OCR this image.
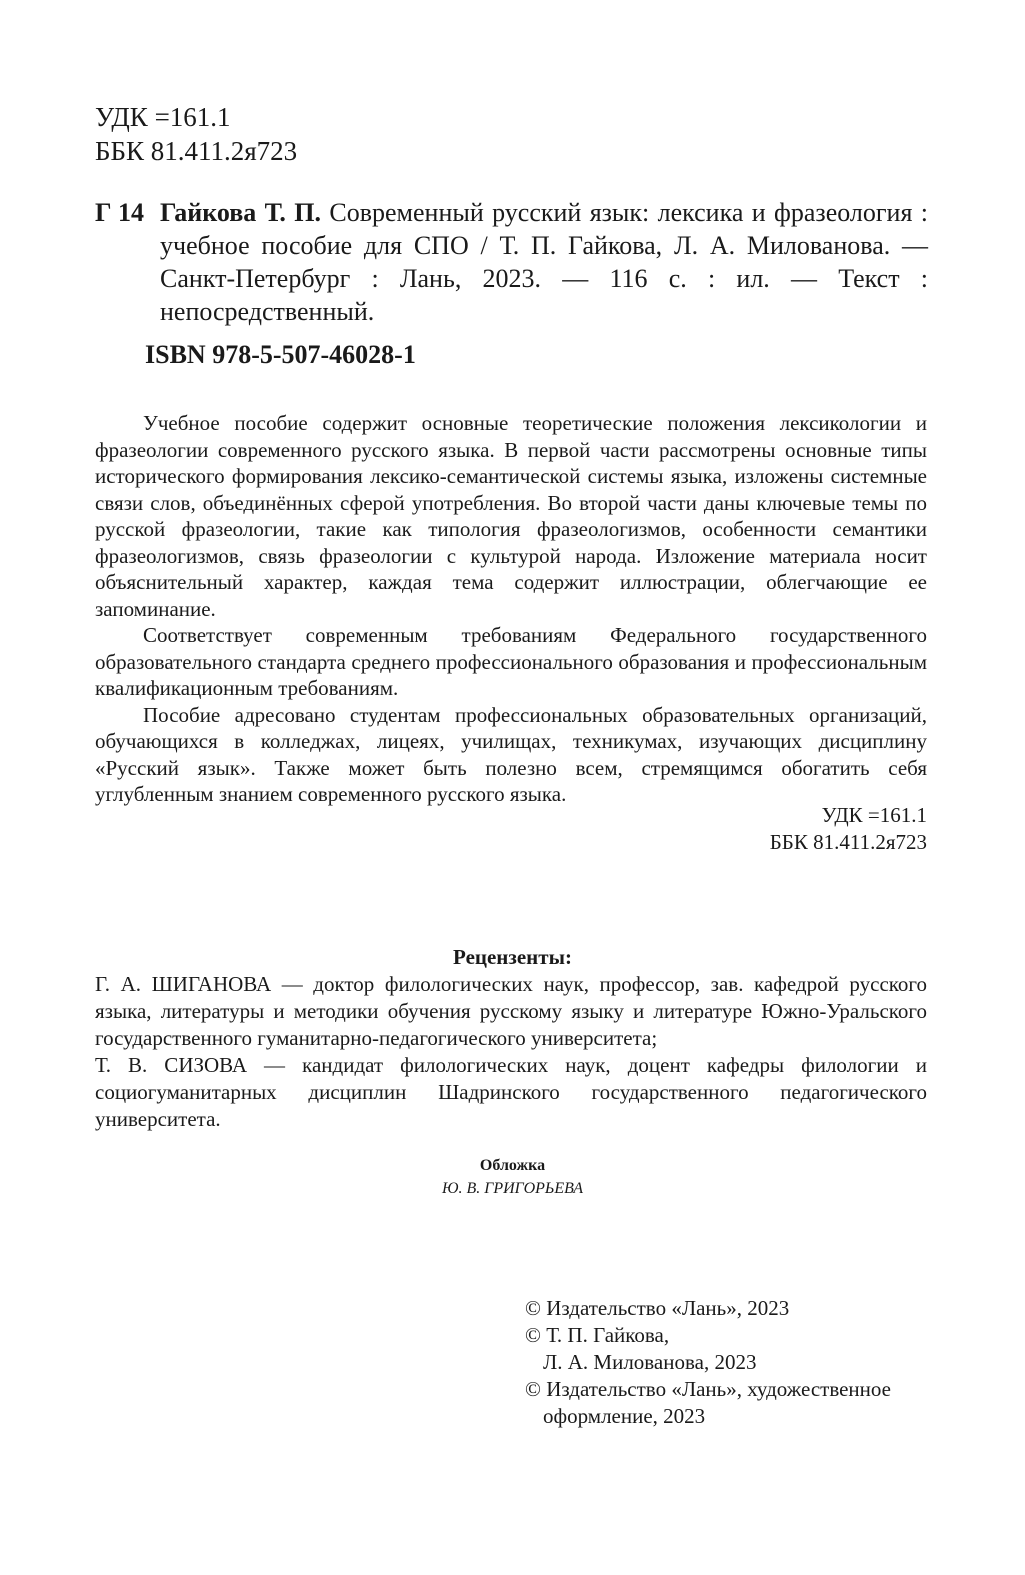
УДК =161.1
ББК 81.411.2я723
Г 14 Гайкова Т. П. Современный русский язык: лексика и фразеология : учебное пособие для СПО / Т. П. Гайкова, Л. А. Милованова. — Санкт-Петербург : Лань, 2023. — 116 с. : ил. — Текст : непосредственный.
ISBN 978-5-507-46028-1

Учебное пособие содержит основные теоретические положения лексикологии и фразеологии современного русского языка. В первой части рассмотрены основные типы исторического формирования лексико-семантической системы языка, изложены системные связи слов, объединённых сферой употребления. Во второй части даны ключевые темы по русской фразеологии, такие как типология фразеологизмов, особенности семантики фразеологизмов, связь фразеологии с культурой народа. Изложение материала носит объяснительный характер, каждая тема содержит иллюстрации, облегчающие ее запоминание.

Соответствует современным требованиям Федерального государственного образовательного стандарта среднего профессионального образования и профессиональным квалификационным требованиям.

Пособие адресовано студентам профессиональных образовательных организаций, обучающихся в колледжах, лицеях, училищах, техникумах, изучающих дисциплину «Русский язык». Также может быть полезно всем, стремящимся обогатить себя углубленным знанием современного русского языка.

УДК =161.1
ББК 81.411.2я723
Рецензенты:

Г. А. ШИГАНОВА — доктор филологических наук, профессор, зав. кафедрой русского языка, литературы и методики обучения русскому языку и литературе Южно-Уральского государственного гуманитарно-педагогического университета;

Т. В. СИЗОВА — кандидат филологических наук, доцент кафедры филологии и социогуманитарных дисциплин Шадринского государственного педагогического университета.

Обложка
Ю. В. ГРИГОРЬЕВА
© Издательство «Лань», 2023
© Т. П. Гайкова,
Л. А. Милованова, 2023
© Издательство «Лань», художественное
оформление, 2023
